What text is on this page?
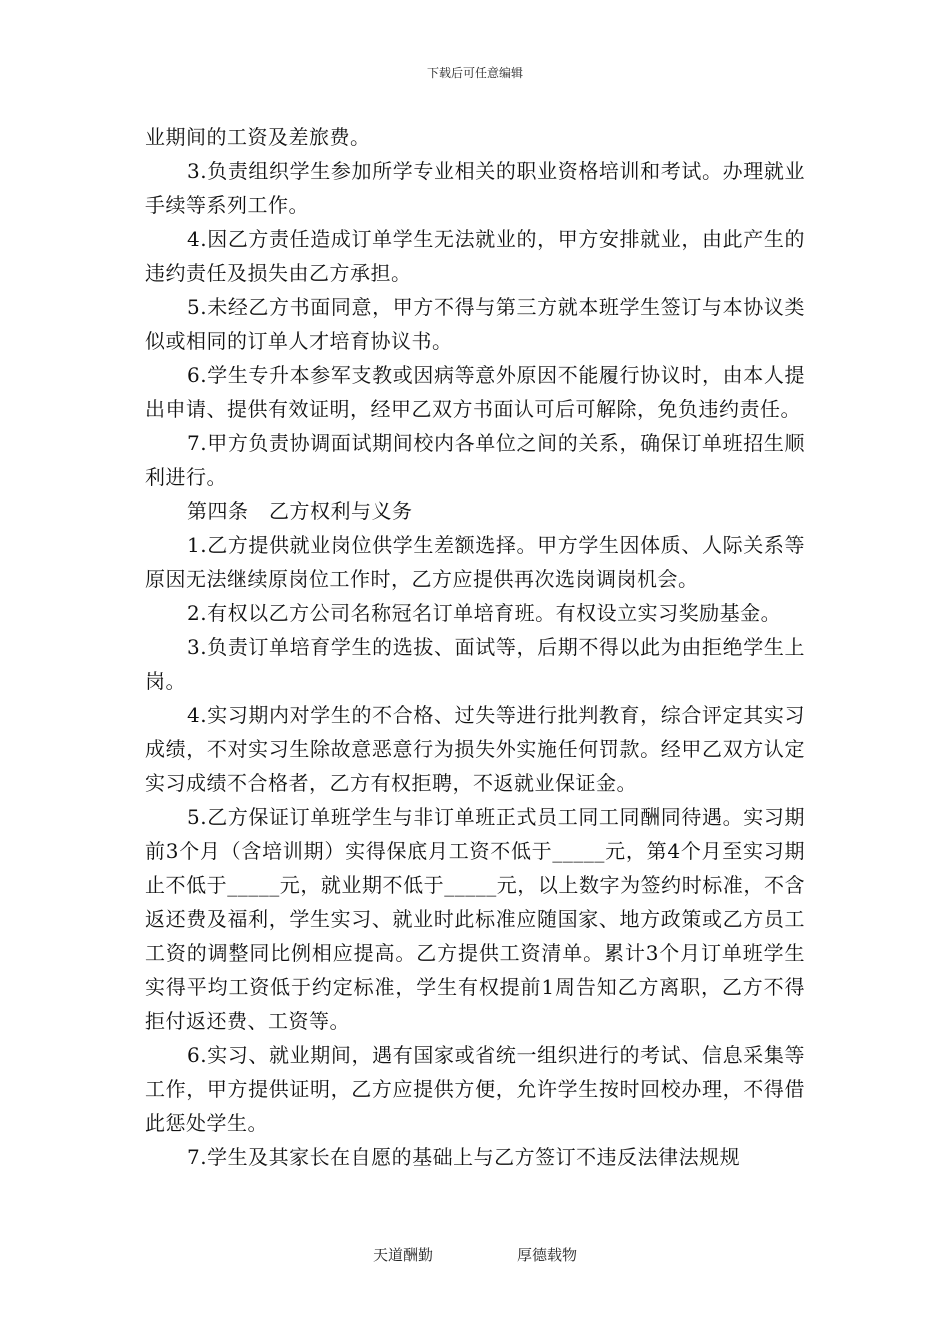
下载后可任意编辑

业期间的工资及差旅费。

3.负责组织学生参加所学专业相关的职业资格培训和考试。办理就业手续等系列工作。

4.因乙方责任造成订单学生无法就业的，甲方安排就业，由此产生的违约责任及损失由乙方承担。

5.未经乙方书面同意，甲方不得与第三方就本班学生签订与本协议类似或相同的订单人才培育协议书。

6.学生专升本参军支教或因病等意外原因不能履行协议时，由本人提出申请、提供有效证明，经甲乙双方书面认可后可解除，免负违约责任。

7.甲方负责协调面试期间校内各单位之间的关系，确保订单班招生顺利进行。

第四条　乙方权利与义务

1.乙方提供就业岗位供学生差额选择。甲方学生因体质、人际关系等原因无法继续原岗位工作时，乙方应提供再次选岗调岗机会。

2.有权以乙方公司名称冠名订单培育班。有权设立实习奖励基金。

3.负责订单培育学生的选拔、面试等，后期不得以此为由拒绝学生上岗。

4.实习期内对学生的不合格、过失等进行批判教育，综合评定其实习成绩，不对实习生除故意恶意行为损失外实施任何罚款。经甲乙双方认定实习成绩不合格者，乙方有权拒聘，不返就业保证金。

5.乙方保证订单班学生与非订单班正式员工同工同酬同待遇。实习期前3个月（含培训期）实得保底月工资不低于_____元，第4个月至实习期止不低于_____元，就业期不低于_____元，以上数字为签约时标准，不含返还费及福利，学生实习、就业时此标准应随国家、地方政策或乙方员工工资的调整同比例相应提高。乙方提供工资清单。累计3个月订单班学生实得平均工资低于约定标准，学生有权提前1周告知乙方离职，乙方不得拒付返还费、工资等。

6.实习、就业期间，遇有国家或省统一组织进行的考试、信息采集等工作，甲方提供证明，乙方应提供方便，允许学生按时回校办理，不得借此惩处学生。

7.学生及其家长在自愿的基础上与乙方签订不违反法律法规规

天道酬勤	厚德载物
